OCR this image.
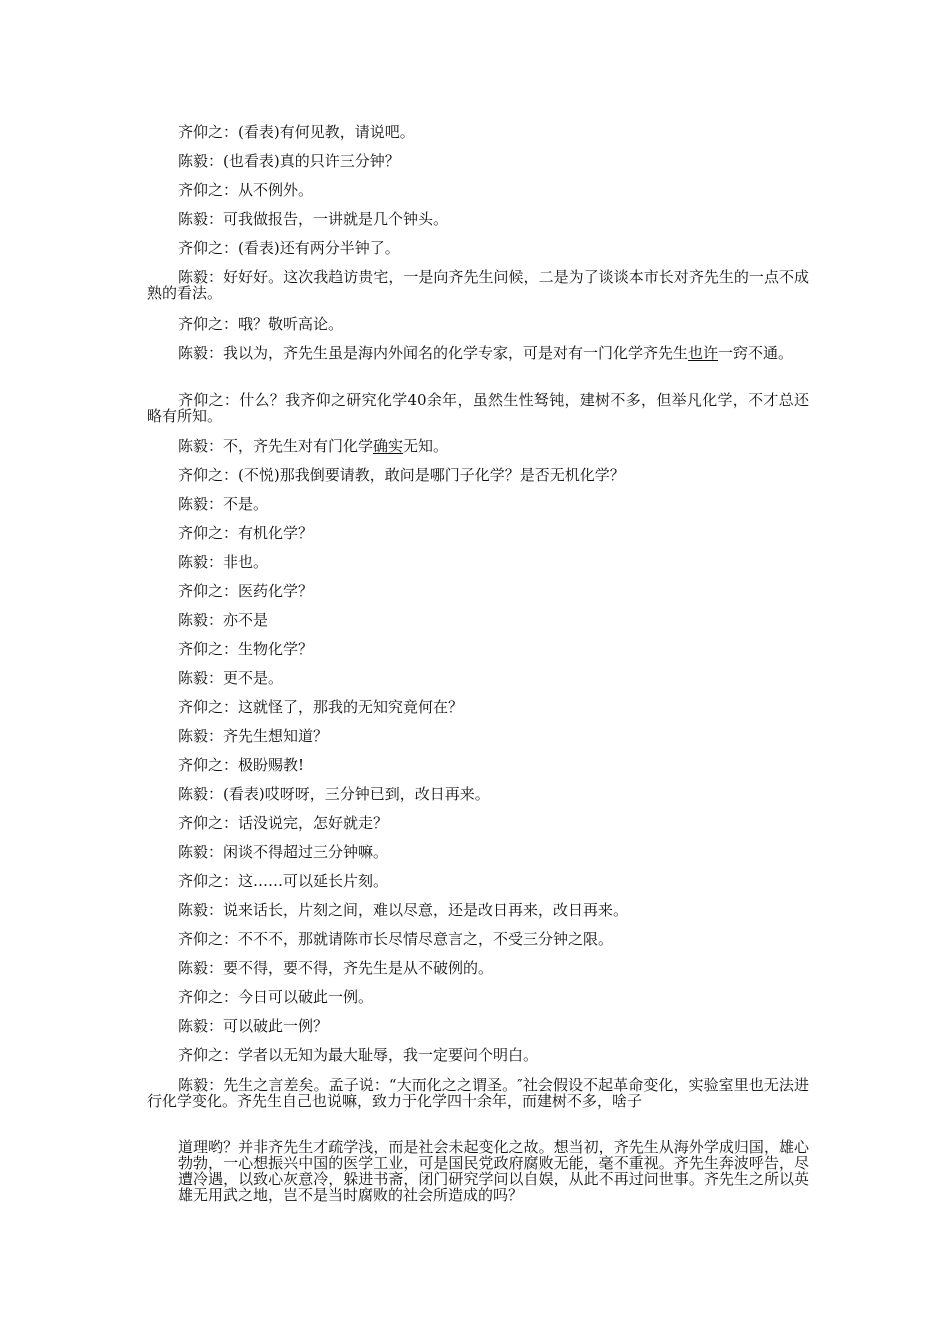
齐仰之：(看表)有何见教，请说吧。

陈毅：(也看表)真的只许三分钟？

齐仰之：从不例外。

陈毅：可我做报告，一讲就是几个钟头。

齐仰之：(看表)还有两分半钟了。

陈毅：好好好。这次我趋访贵宅，一是向齐先生问候，二是为了谈谈本市长对齐先生的一点不成熟的看法。

齐仰之：哦？敬听高论。

陈毅：我以为，齐先生虽是海内外闻名的化学专家，可是对有一门化学齐先生也许一窍不通。

齐仰之：什么？我齐仰之研究化学40余年，虽然生性驽钝，建树不多，但举凡化学，不才总还略有所知。

陈毅：不，齐先生对有门化学确实无知。

齐仰之：(不悦)那我倒要请教，敢问是哪门子化学？是否无机化学？

陈毅：不是。

齐仰之：有机化学？

陈毅：非也。

齐仰之：医药化学？

陈毅：亦不是

齐仰之：生物化学？

陈毅：更不是。

齐仰之：这就怪了，那我的无知究竟何在？

陈毅：齐先生想知道？

齐仰之：极盼赐教!

陈毅：(看表)哎呀呀，三分钟已到，改日再来。

齐仰之：话没说完，怎好就走？

陈毅：闲谈不得超过三分钟嘛。

齐仰之：这……可以延长片刻。

陈毅：说来话长，片刻之间，难以尽意，还是改日再来，改日再来。

齐仰之：不不不，那就请陈市长尽情尽意言之，不受三分钟之限。

陈毅：要不得，要不得，齐先生是从不破例的。

齐仰之：今日可以破此一例。

陈毅：可以破此一例？

齐仰之：学者以无知为最大耻辱，我一定要问个明白。

陈毅：先生之言差矣。孟子说：“大而化之之谓圣。″社会假设不起革命变化，实验室里也无法进行化学变化。齐先生自己也说嘛，致力于化学四十余年，而建树不多，啥子

道理哟？并非齐先生才疏学浅，而是社会未起变化之故。想当初，齐先生从海外学成归国，雄心勃勃，一心想振兴中国的医学工业，可是国民党政府腐败无能，毫不重视。齐先生奔波呼告，尽遭冷遇，以致心灰意冷，躲进书斋，闭门研究学问以自娱，从此不再过问世事。齐先生之所以英雄无用武之地，岂不是当时腐败的社会所造成的吗？
